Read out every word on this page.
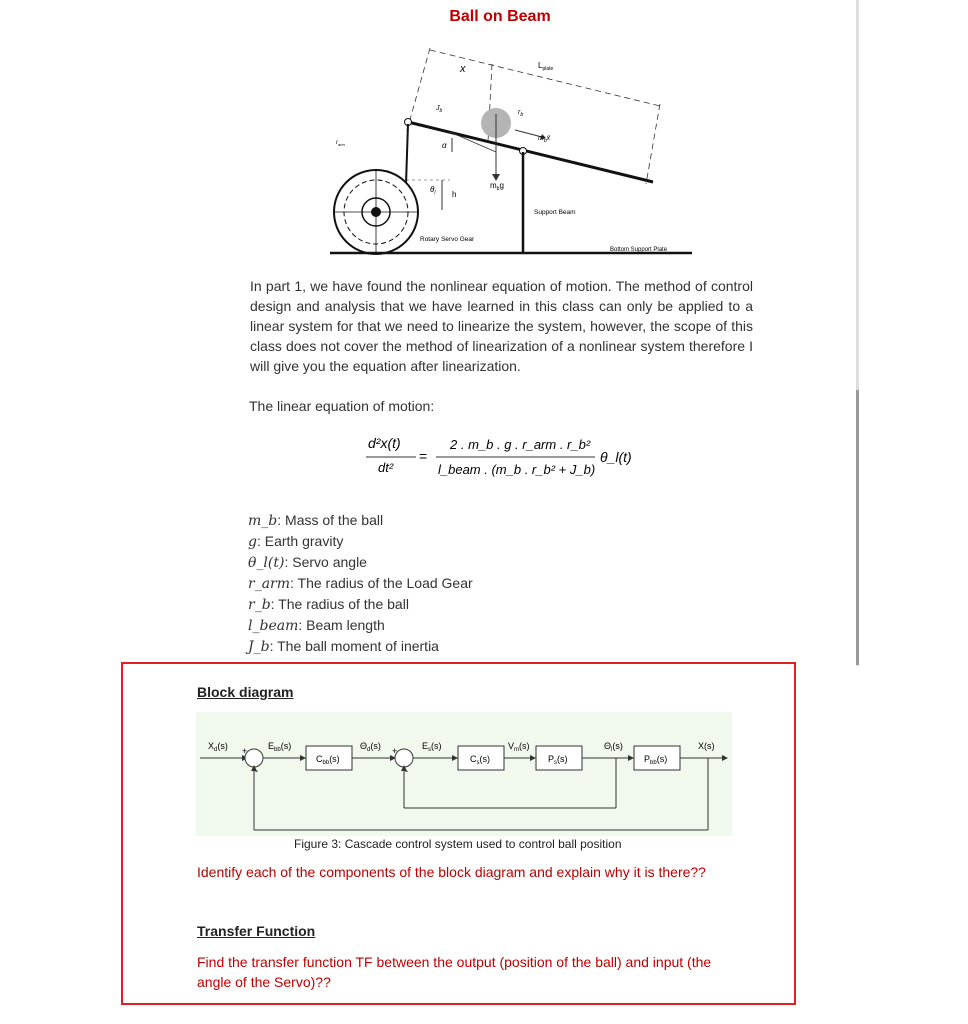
Ball on Beam
x	$L_{plate}$
$r_b$
$m_bẍ$
$J_b$
α
$\theta_l$ h
$m_bg$
$r_{arm}$
Rotary Servo Gear
Support Beam
Bottom Support Plate
In part 1, we have found the nonlinear equation of motion. The method of control design and analysis that we have learned in this class can only be applied to a linear system for that we need to linearize the system, however, the scope of this class does not cover the method of linearization of a nonlinear system therefore I will give you the equation after linearization.
The linear equation of motion:
d²x(t)
dt²
=
2 . m_b . g . r_arm . r_b²
l_beam . (m_b . r_b² + J_b)
θ_l(t)
m_b: Mass of the ball
g: Earth gravity
θ_l(t): Servo angle
r_arm: The radius of the Load Gear
r_b: The radius of the ball
l_beam: Beam length
J_b: The ball moment of inertia
Block diagram
+
-
+
-
$X_d(s)$	$E_{bb}(s)$	$\Theta_d(s)$	$E_s(s)$	$V_m(s)$	$\Theta_l(s)$	X(s)
$C_{bb}(s)$	$C_s(s)$	$P_s(s)$	$P_{bb}(s)$
Figure 3: Cascade control system used to control ball position
Identify each of the components of the block diagram and explain why it is there??
Transfer Function
Find the transfer function TF between the output (position of the ball) and input (the angle of the Servo)??
